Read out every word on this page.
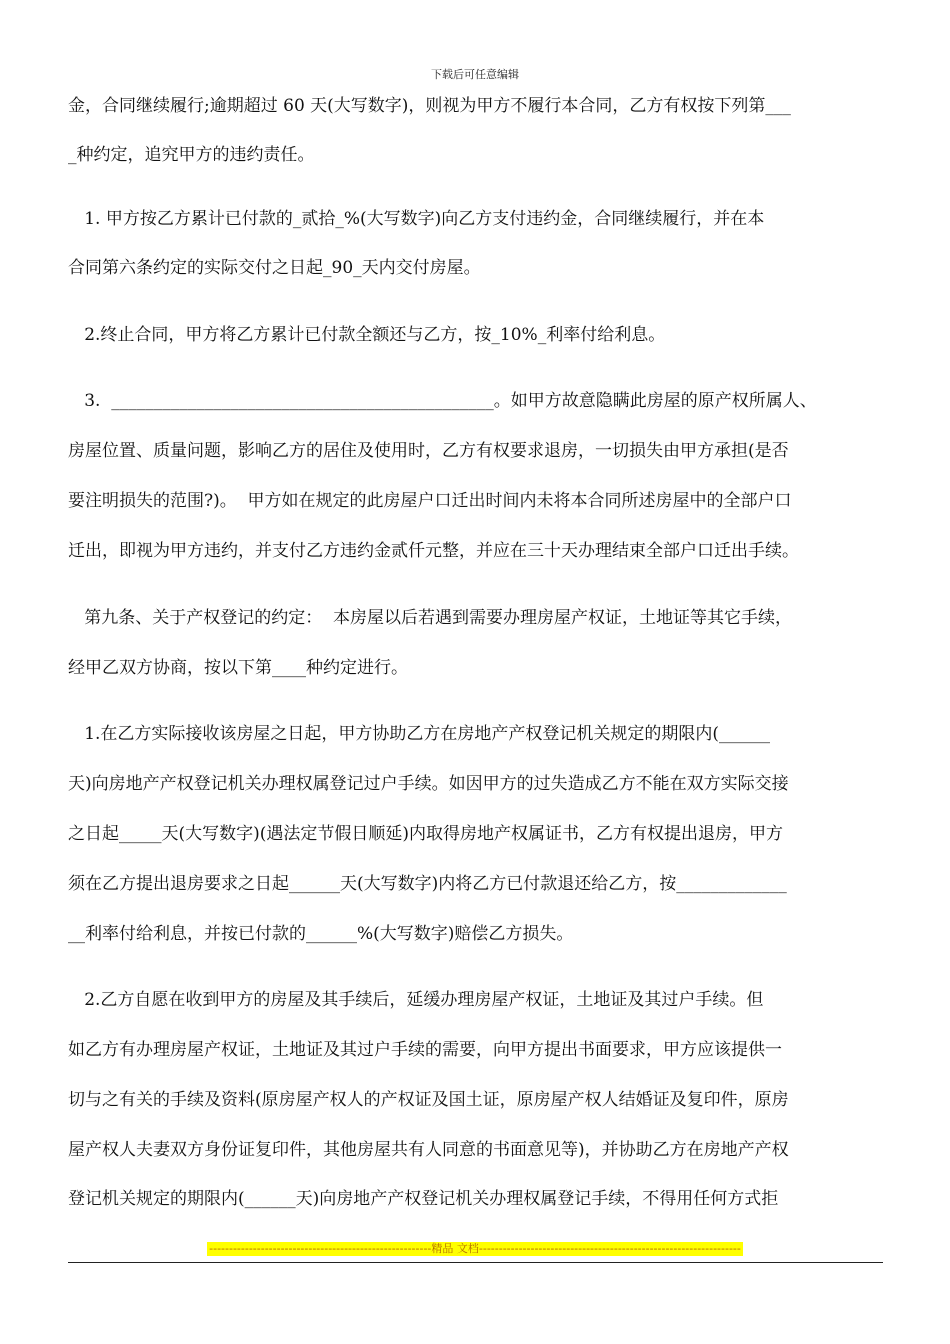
下载后可任意编辑
金，合同继续履行;逾期超过 60 天(大写数字)，则视为甲方不履行本合同，乙方有权按下列第___
_种约定，追究甲方的违约责任。
1. 甲方按乙方累计已付款的_贰拾_%(大写数字)向乙方支付违约金，合同继续履行，并在本
合同第六条约定的实际交付之日起_90_天内交付房屋。
2.终止合同，甲方将乙方累计已付款全额还与乙方，按_10%_利率付给利息。
3.  _____________________________________________。如甲方故意隐瞒此房屋的原产权所属人、
房屋位置、质量问题，影响乙方的居住及使用时，乙方有权要求退房，一切损失由甲方承担(是否
要注明损失的范围?)。  甲方如在规定的此房屋户口迁出时间内未将本合同所述房屋中的全部户口
迁出，即视为甲方违约，并支付乙方违约金贰仟元整，并应在三十天办理结束全部户口迁出手续。
第九条、关于产权登记的约定：  本房屋以后若遇到需要办理房屋产权证，土地证等其它手续，
经甲乙双方协商，按以下第____种约定进行。
1.在乙方实际接收该房屋之日起，甲方协助乙方在房地产产权登记机关规定的期限内(______
天)向房地产产权登记机关办理权属登记过户手续。如因甲方的过失造成乙方不能在双方实际交接
之日起_____天(大写数字)(遇法定节假日顺延)内取得房地产权属证书，乙方有权提出退房，甲方
须在乙方提出退房要求之日起______天(大写数字)内将乙方已付款退还给乙方，按_____________
__利率付给利息，并按已付款的______%(大写数字)赔偿乙方损失。
2.乙方自愿在收到甲方的房屋及其手续后，延缓办理房屋产权证，土地证及其过户手续。但
如乙方有办理房屋产权证，土地证及其过户手续的需要，向甲方提出书面要求，甲方应该提供一
切与之有关的手续及资料(原房屋产权人的产权证及国土证，原房屋产权人结婚证及复印件，原房
屋产权人夫妻双方身份证复印件，其他房屋共有人同意的书面意见等)，并协助乙方在房地产产权
登记机关规定的期限内(______天)向房地产产权登记机关办理权属登记手续，不得用任何方式拒
--------------------------------------------------------精品 文档------------------------------------------------------------------
